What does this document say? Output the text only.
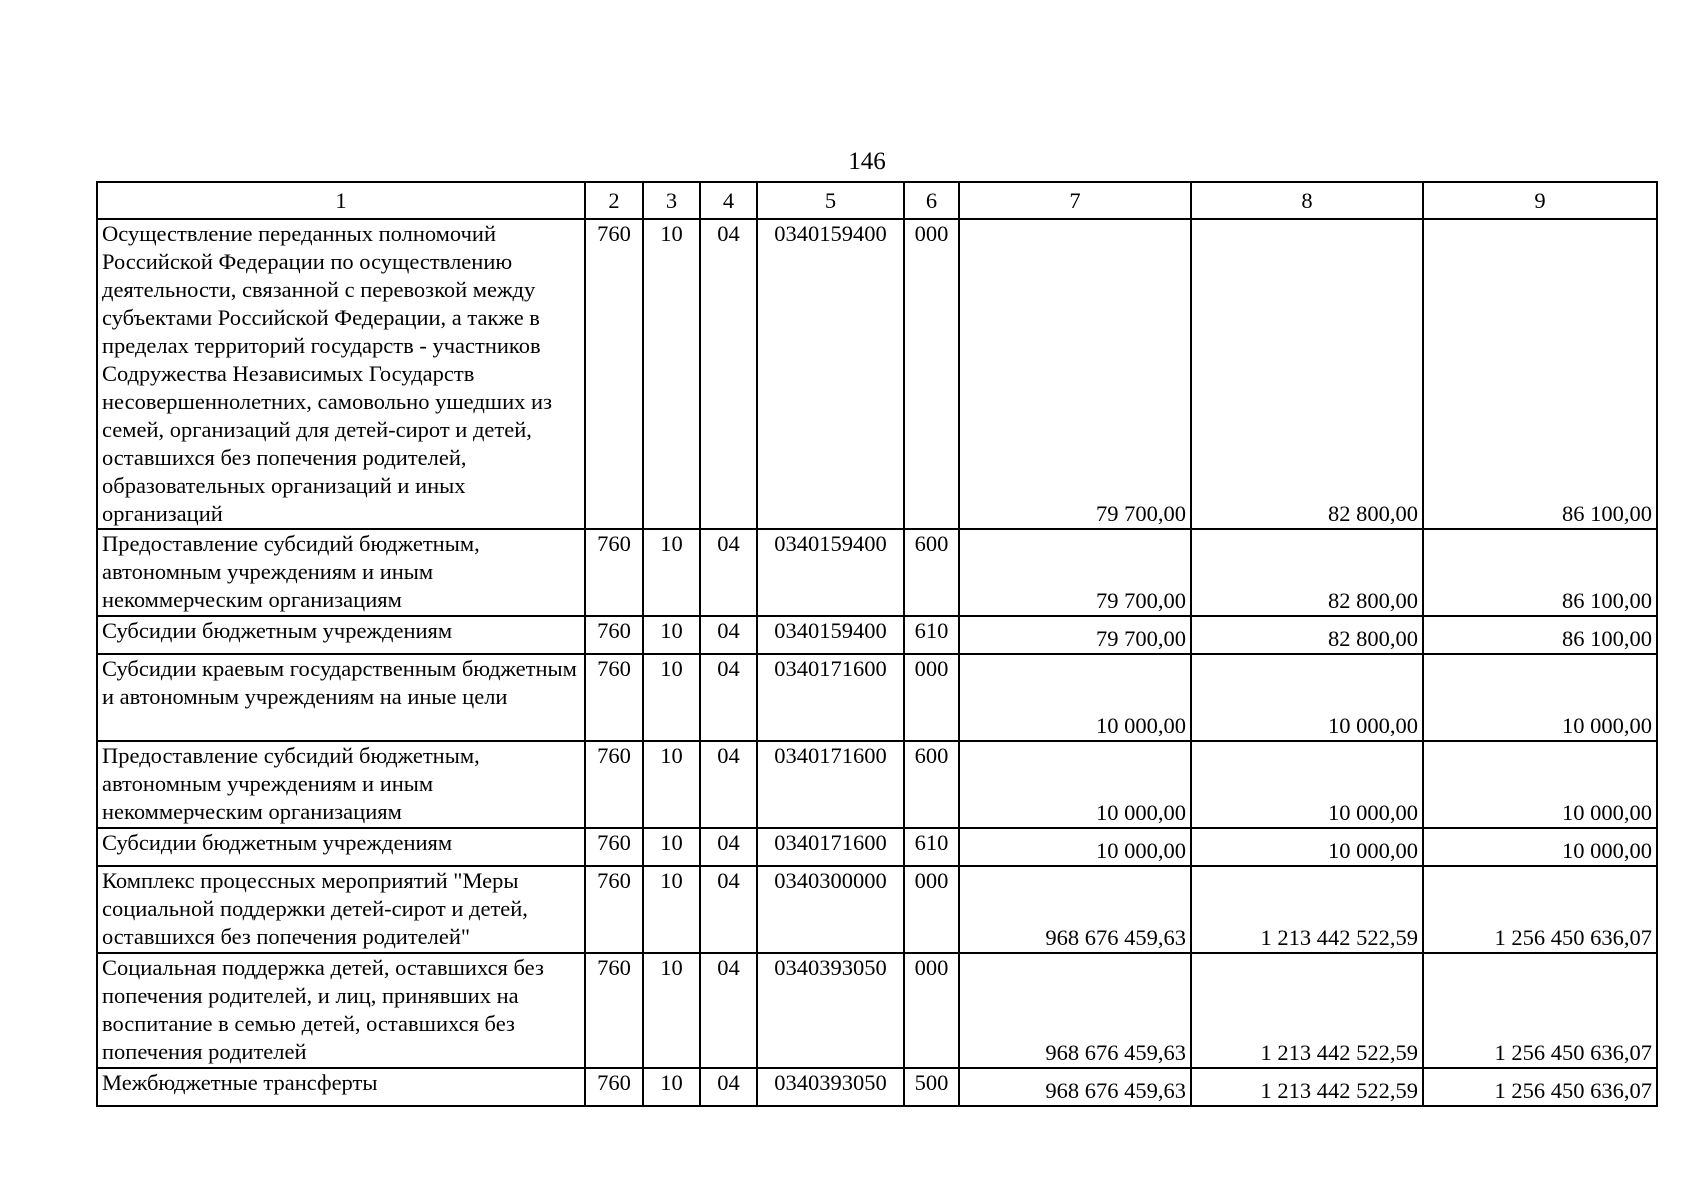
146
1	2	3	4	5	6	7	8	9
Осуществление переданных полномочий Российской Федерации по осуществлению деятельности, связанной с перевозкой между субъектами Российской Федерации, а также в пределах территорий государств - участников Содружества Независимых Государств несовершеннолетних, самовольно ушедших из семей, организаций для детей-сирот и детей, оставшихся без попечения родителей, образовательных организаций и иных организаций	760	10	04	0340159400	000	79 700,00	82 800,00	86 100,00
Предоставление субсидий бюджетным, автономным учреждениям и иным некоммерческим организациям	760	10	04	0340159400	600	79 700,00	82 800,00	86 100,00
Субсидии бюджетным учреждениям	760	10	04	0340159400	610	79 700,00	82 800,00	86 100,00
Субсидии краевым государственным бюджетным и автономным учреждениям на иные цели	760	10	04	0340171600	000	10 000,00	10 000,00	10 000,00
Предоставление субсидий бюджетным, автономным учреждениям и иным некоммерческим организациям	760	10	04	0340171600	600	10 000,00	10 000,00	10 000,00
Субсидии бюджетным учреждениям	760	10	04	0340171600	610	10 000,00	10 000,00	10 000,00
Комплекс процессных мероприятий "Меры социальной поддержки детей-сирот и детей, оставшихся без попечения родителей"	760	10	04	0340300000	000	968 676 459,63	1 213 442 522,59	1 256 450 636,07
Социальная поддержка детей, оставшихся без попечения родителей, и лиц, принявших на воспитание в семью детей, оставшихся без попечения родителей	760	10	04	0340393050	000	968 676 459,63	1 213 442 522,59	1 256 450 636,07
Межбюджетные трансферты	760	10	04	0340393050	500	968 676 459,63	1 213 442 522,59	1 256 450 636,07
